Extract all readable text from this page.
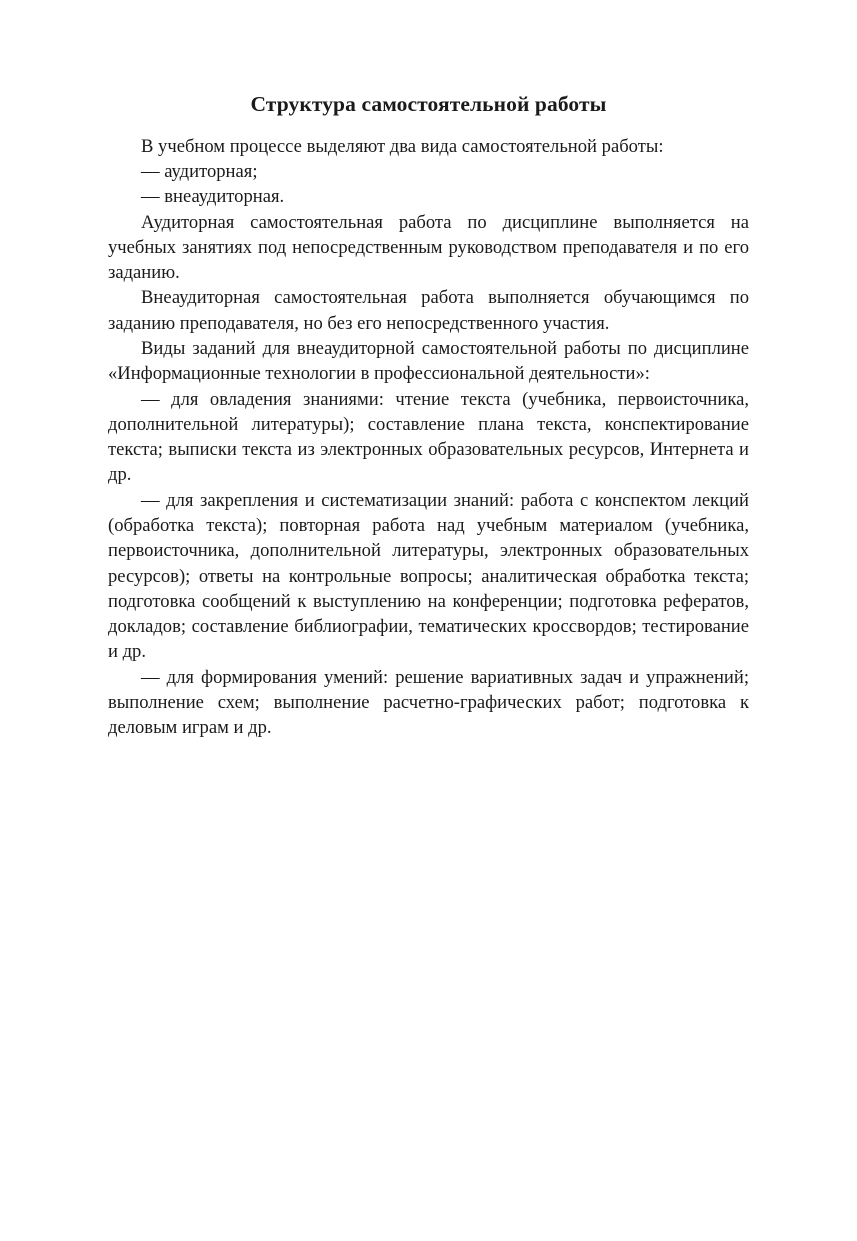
Структура самостоятельной работы

В учебном процессе выделяют два вида самостоятельной работы:

— аудиторная;

— внеаудиторная.

Аудиторная самостоятельная работа по дисциплине выполняется на учебных занятиях под непосредственным руководством преподавателя и по его заданию.

Внеаудиторная самостоятельная работа выполняется обучающимся по заданию преподавателя, но без его непосредственного участия.

Виды заданий для внеаудиторной самостоятельной работы по дисциплине «Информационные технологии в профессиональной деятельности»:

— для овладения знаниями: чтение текста (учебника, первоисточника, дополнительной литературы); составление плана текста, конспектирование текста; выписки текста из электронных образовательных ресурсов, Интернета и др.

— для закрепления и систематизации знаний: работа с конспектом лекций (обработка текста); повторная работа над учебным материалом (учебника, первоисточника, дополнительной литературы, электронных образовательных ресурсов); ответы на контрольные вопросы; аналитическая обработка текста; подготовка сообщений к выступлению на конференции; подготовка рефератов, докладов; составление библиографии, тематических кроссвордов; тестирование и др.

— для формирования умений: решение вариативных задач и упражнений; выполнение схем; выполнение расчетно-графических работ; подготовка к деловым играм и др.
